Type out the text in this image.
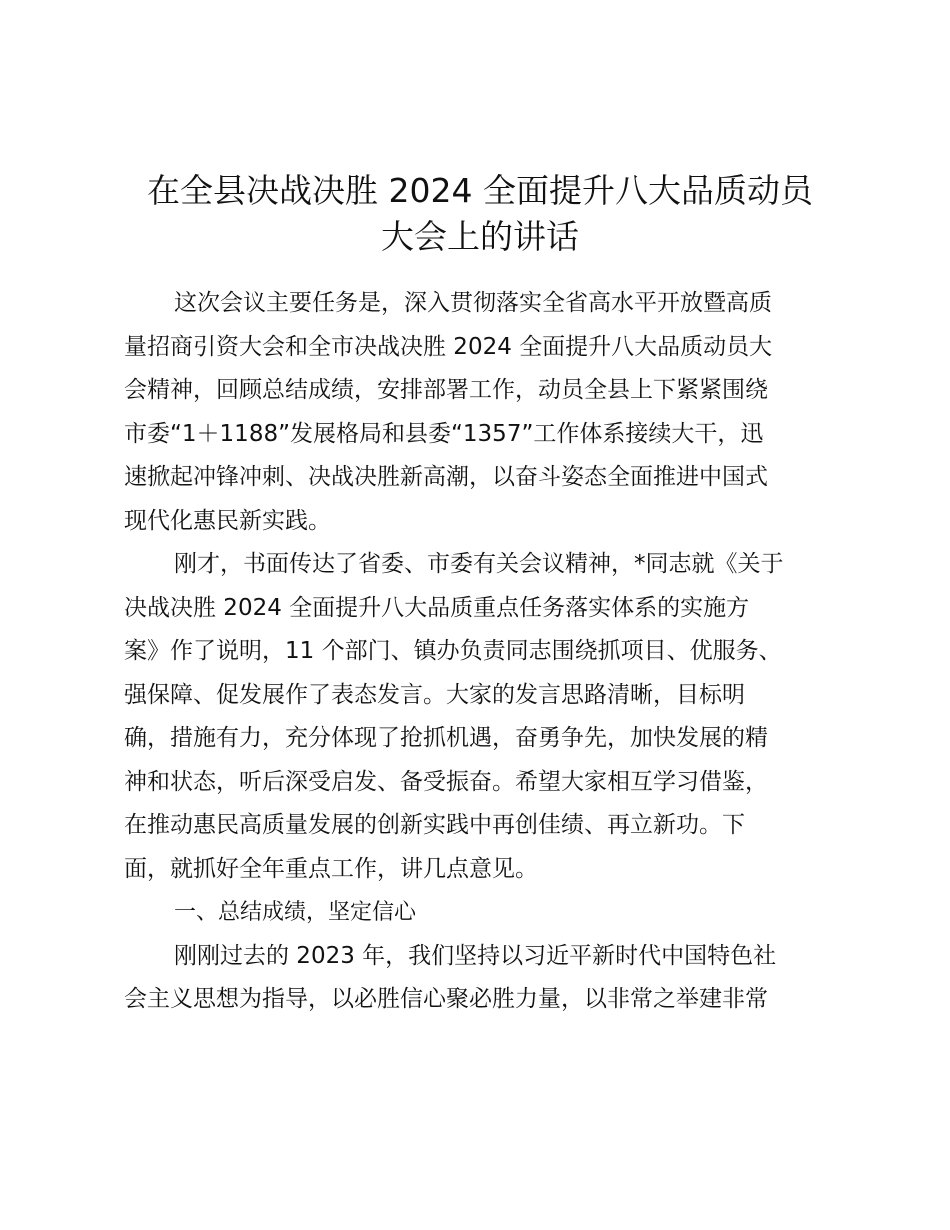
在全县决战决胜 2024 全面提升八大品质动员
大会上的讲话
这次会议主要任务是，深入贯彻落实全省高水平开放暨高质
量招商引资大会和全市决战决胜 2024 全面提升八大品质动员大
会精神，回顾总结成绩，安排部署工作，动员全县上下紧紧围绕
市委“1＋1188”发展格局和县委“1357”工作体系接续大干，迅
速掀起冲锋冲刺、决战决胜新高潮，以奋斗姿态全面推进中国式
现代化惠民新实践。
刚才，书面传达了省委、市委有关会议精神，*同志就《关于
决战决胜 2024 全面提升八大品质重点任务落实体系的实施方
案》作了说明，11 个部门、镇办负责同志围绕抓项目、优服务、
强保障、促发展作了表态发言。大家的发言思路清晰，目标明
确，措施有力，充分体现了抢抓机遇，奋勇争先，加快发展的精
神和状态，听后深受启发、备受振奋。希望大家相互学习借鉴，
在推动惠民高质量发展的创新实践中再创佳绩、再立新功。下
面，就抓好全年重点工作，讲几点意见。
一、总结成绩，坚定信心
刚刚过去的 2023 年，我们坚持以习近平新时代中国特色社
会主义思想为指导，以必胜信心聚必胜力量，以非常之举建非常
